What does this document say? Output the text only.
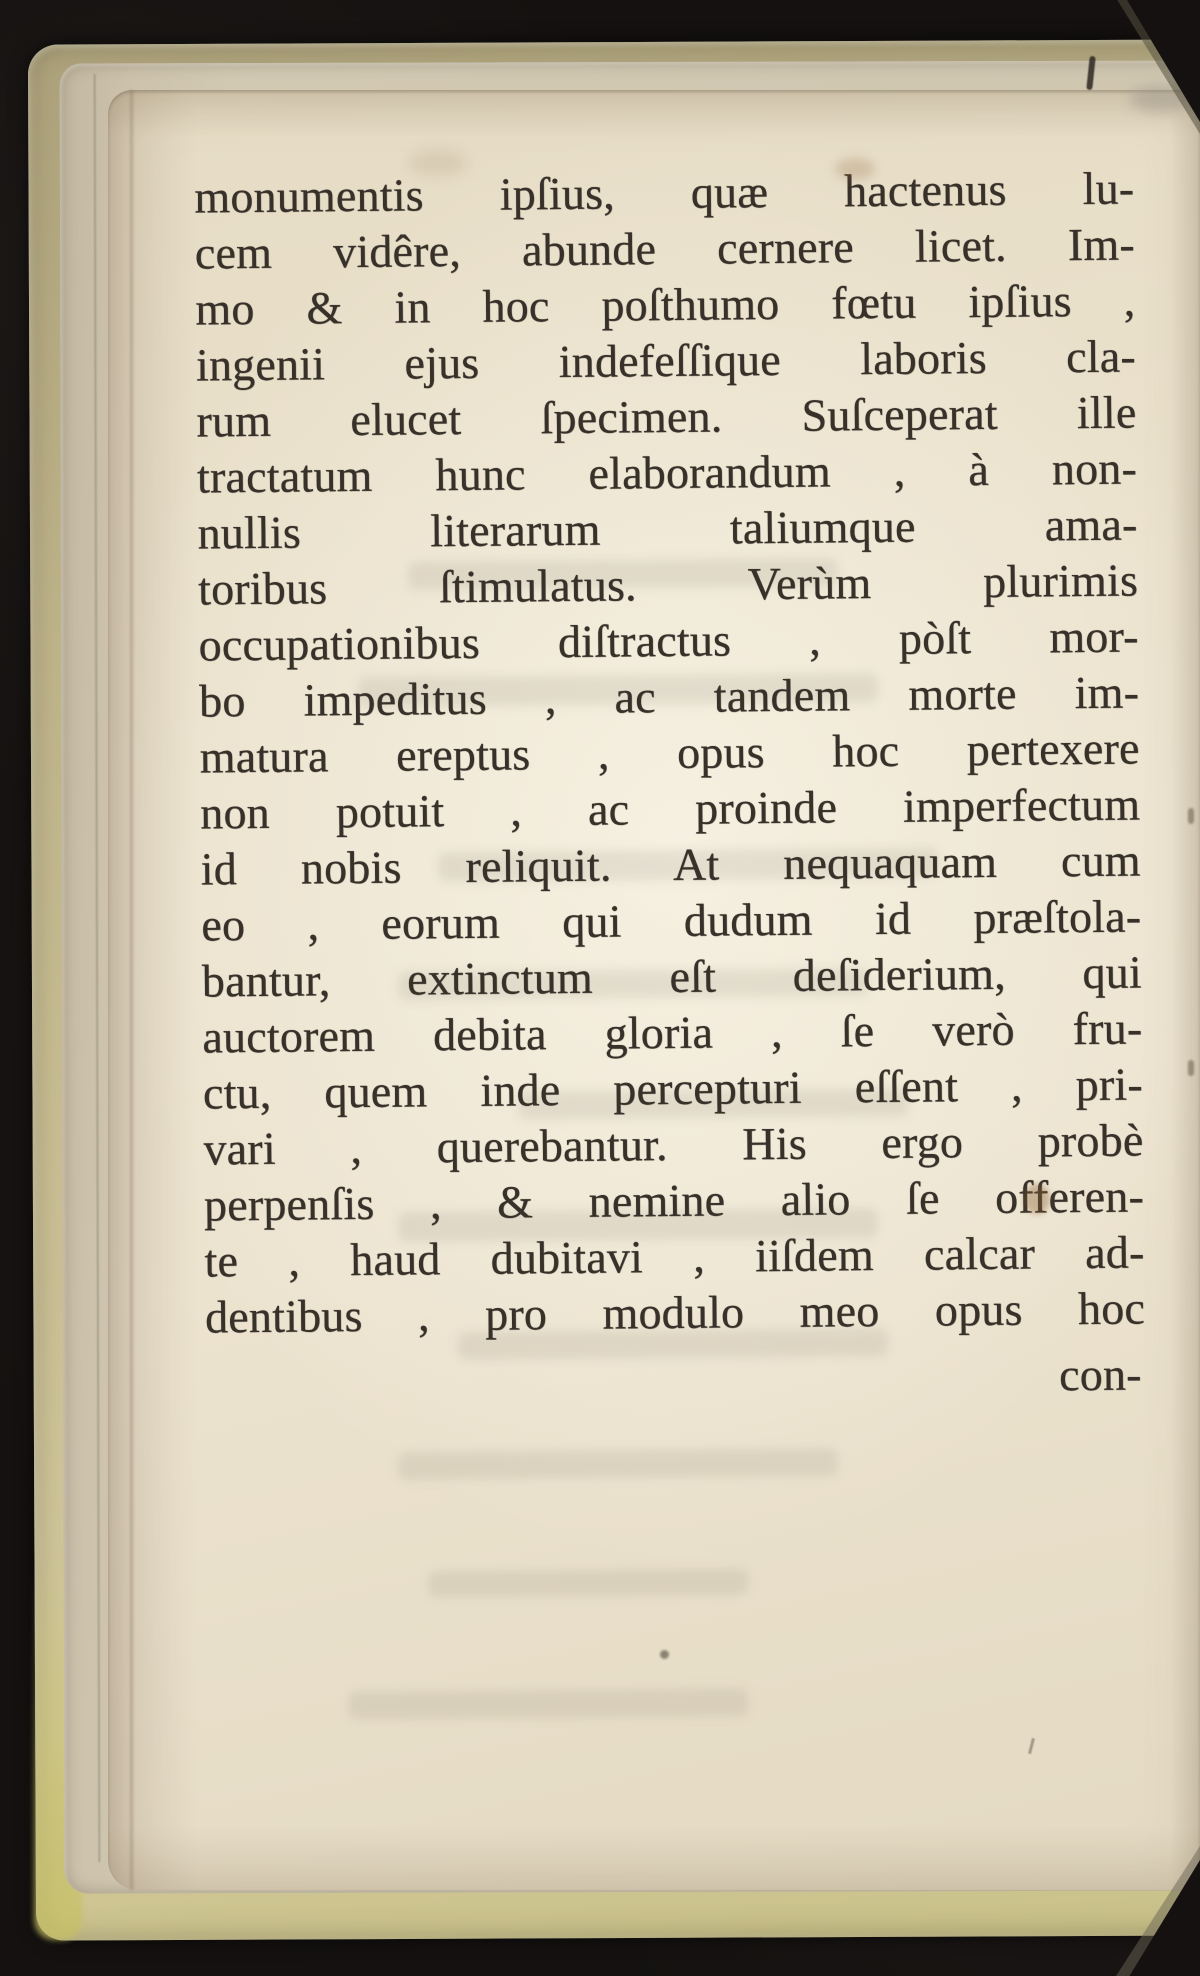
monumentis ipſius, quæ hactenus lu-
cem vidêre, abunde cernere licet. Im-
mo & in hoc poſthumo fœtu ipſius ,
ingenii ejus indefeſſique laboris cla-
rum elucet ſpecimen. Suſceperat ille
tractatum hunc elaborandum , à non-
nullis literarum taliumque ama-
toribus ſtimulatus. Verùm plurimis
occupationibus diſtractus , pòſt mor-
bo impeditus , ac tandem morte im-
matura ereptus , opus hoc pertexere
non potuit , ac proinde imperfectum
id nobis reliquit. At nequaquam cum
eo , eorum qui dudum id præſtola-
bantur, extinctum eſt deſiderium, qui
auctorem debita gloria , ſe verò fru-
ctu, quem inde percepturi eſſent , pri-
vari , querebantur. His ergo probè
perpenſis , & nemine alio ſe offeren-
te , haud dubitavi , iiſdem calcar ad-
dentibus , pro modulo meo opus hoc
con-
